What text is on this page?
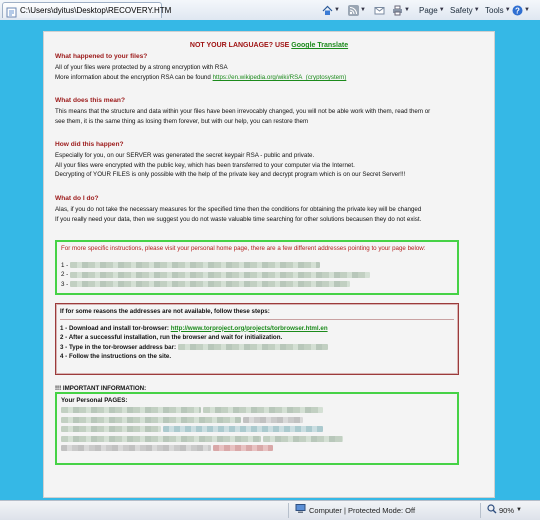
C:\Users\dyitus\Desktop\RECOVERY.HTM	▼	▼	▼ Page ▼ Safety ▼ Tools ▼ ? ▼
NOT YOUR LANGUAGE? USE Google Translate
What happened to your files?

All of your files were protected by a strong encryption with RSA

More information about the encryption RSA can be found https://en.wikipedia.org/wiki/RSA_(cryptosystem)

What does this mean?

This means that the structure and data within your files have been irrevocably changed, you will not be able work with them, read them or

see them, it is the same thing as losing them forever, but with our help, you can restore them

How did this happen?

Especially for you, on our SERVER was generated the secret keypair RSA - public and private.

All your files were encrypted with the public key, which has been transferred to your computer via the Internet.

Decrypting of YOUR FILES is only possible with the help of the private key and decrypt program which is on our Secret Server!!!

What do I do?

Alas, if you do not take the necessary measures for the specified time then the conditions for obtaining the private key will be changed

If you really need your data, then we suggest you do not waste valuable time searching for other solutions becausen they do not exist.

For more specific instructions, please visit your personal home page, there are a few different addresses pointing to your page below:
1 -
2 -
3 -
If for some reasons the addresses are not available, follow these steps:
1 - Download and install tor-browser: http://www.torproject.org/projects/torbrowser.html.en
2 - After a successful installation, run the browser and wait for initialization.
3 - Type in the tor-browser address bar:
4 - Follow the instructions on the site.
!!! IMPORTANT INFORMATION:
Your Personal PAGES:

Computer | Protected Mode: Off	90% ▼
